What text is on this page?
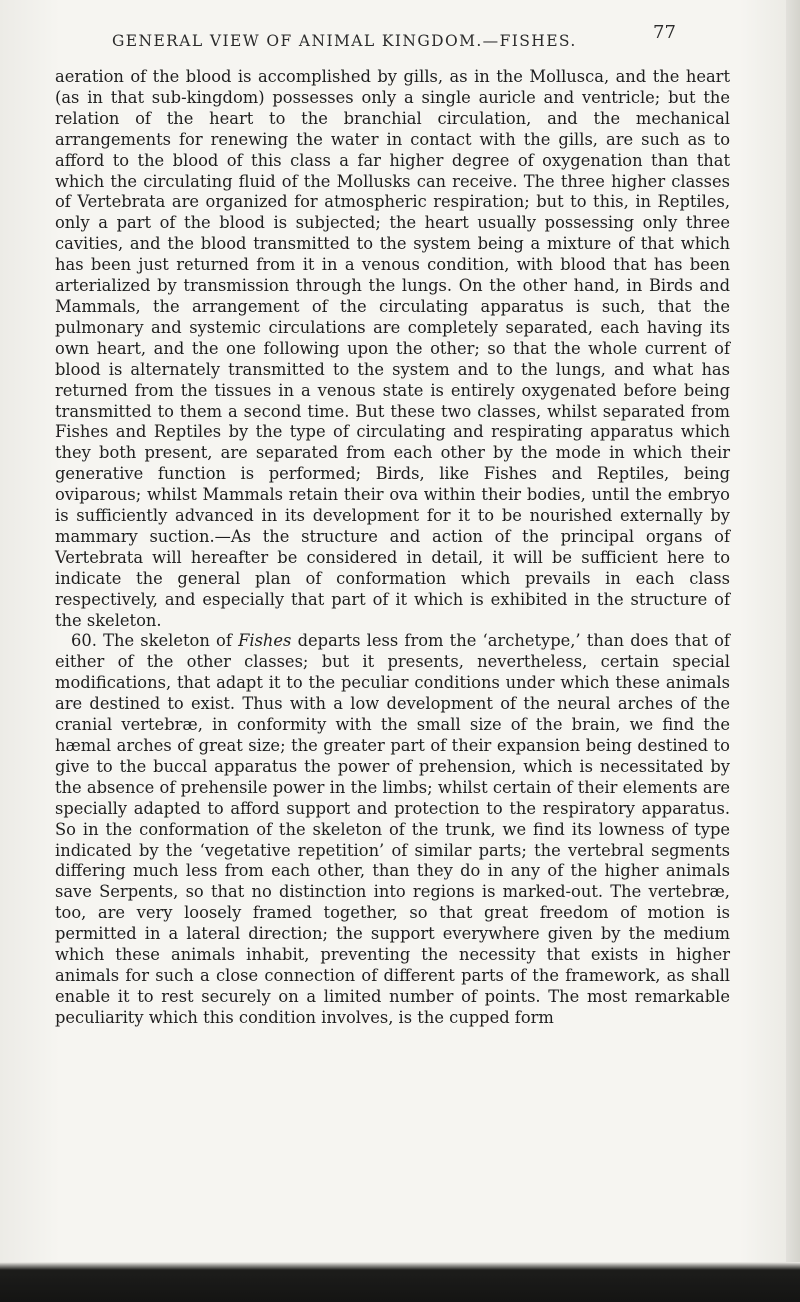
GENERAL VIEW OF ANIMAL KINGDOM.—FISHES.	77

aeration of the blood is accomplished by gills, as in the Mollusca, and the heart (as in that sub-kingdom) possesses only a single auricle and ventricle; but the relation of the heart to the branchial circulation, and the mechanical arrangements for renewing the water in contact with the gills, are such as to afford to the blood of this class a far higher degree of oxygenation than that which the circulating fluid of the Mollusks can receive. The three higher classes of Vertebrata are organized for atmospheric respiration; but to this, in Reptiles, only a part of the blood is subjected; the heart usually possessing only three cavities, and the blood transmitted to the system being a mixture of that which has been just returned from it in a venous condition, with blood that has been arterialized by transmission through the lungs. On the other hand, in Birds and Mammals, the arrangement of the circulating apparatus is such, that the pulmonary and systemic circulations are completely separated, each having its own heart, and the one following upon the other; so that the whole current of blood is alternately transmitted to the system and to the lungs, and what has returned from the tissues in a venous state is entirely oxygenated before being transmitted to them a second time. But these two classes, whilst separated from Fishes and Reptiles by the type of circulating and respirating apparatus which they both present, are separated from each other by the mode in which their generative function is performed; Birds, like Fishes and Reptiles, being oviparous; whilst Mammals retain their ova within their bodies, until the embryo is sufficiently advanced in its development for it to be nourished externally by mammary suction.—As the structure and action of the principal organs of Vertebrata will hereafter be considered in detail, it will be sufficient here to indicate the general plan of conformation which prevails in each class respectively, and especially that part of it which is exhibited in the structure of the skeleton.

60. The skeleton of Fishes departs less from the ‘archetype,’ than does that of either of the other classes; but it presents, nevertheless, certain special modifications, that adapt it to the peculiar conditions under which these animals are destined to exist. Thus with a low development of the neural arches of the cranial vertebræ, in conformity with the small size of the brain, we find the hæmal arches of great size; the greater part of their expansion being destined to give to the buccal apparatus the power of prehension, which is necessitated by the absence of prehensile power in the limbs; whilst certain of their elements are specially adapted to afford support and protection to the respiratory apparatus. So in the conformation of the skeleton of the trunk, we find its lowness of type indicated by the ‘vegetative repetition’ of similar parts; the vertebral segments differing much less from each other, than they do in any of the higher animals save Serpents, so that no distinction into regions is marked-out. The vertebræ, too, are very loosely framed together, so that great freedom of motion is permitted in a lateral direction; the support everywhere given by the medium which these animals inhabit, preventing the necessity that exists in higher animals for such a close connection of different parts of the framework, as shall enable it to rest securely on a limited number of points. The most remarkable peculiarity which this condition involves, is the cupped form
